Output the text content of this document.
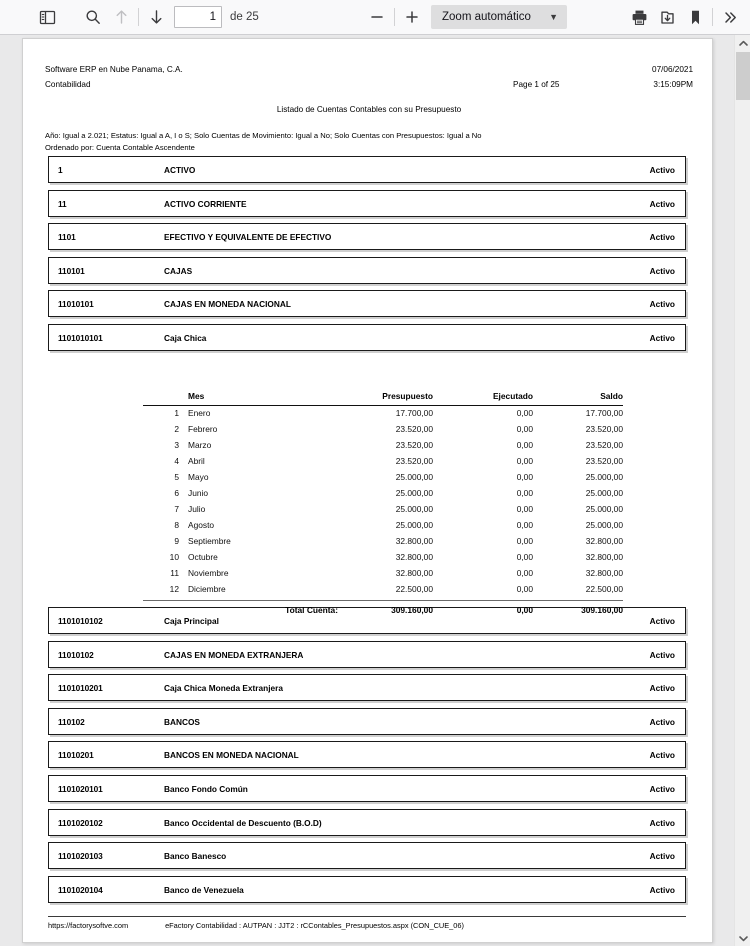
1
de 25	Zoom automático ▼
Software ERP en Nube Panama, C.A.	07/06/2021
Contabilidad	Page 1 of 25	3:15:09PM
Listado de Cuentas Contables con su Presupuesto
Año: Igual a 2.021; Estatus: Igual a A, I o S; Solo Cuentas de Movimiento: Igual a No; Solo Cuentas con Presupuestos: Igual a No
Ordenado por: Cuenta Contable Ascendente
1	ACTIVO	Activo
11	ACTIVO CORRIENTE	Activo
1101	EFECTIVO Y EQUIVALENTE DE EFECTIVO	Activo
110101	CAJAS	Activo
11010101	CAJAS EN MONEDA NACIONAL	Activo
1101010101	Caja Chica	Activo
1101010102	Caja Principal	Activo
11010102	CAJAS EN MONEDA EXTRANJERA	Activo
1101010201	Caja Chica Moneda Extranjera	Activo
110102	BANCOS	Activo
11010201	BANCOS EN MONEDA NACIONAL	Activo
1101020101	Banco Fondo Común	Activo
1101020102	Banco Occidental de Descuento (B.O.D)	Activo
1101020103	Banco Banesco	Activo
1101020104	Banco de Venezuela	Activo
Mes	Presupuesto	Ejecutado	Saldo
1 Enero	17.700,00	0,00	17.700,00
2 Febrero	23.520,00	0,00	23.520,00
3 Marzo	23.520,00	0,00	23.520,00
4 Abril	23.520,00	0,00	23.520,00
5 Mayo	25.000,00	0,00	25.000,00
6 Junio	25.000,00	0,00	25.000,00
7 Julio	25.000,00	0,00	25.000,00
8 Agosto	25.000,00	0,00	25.000,00
9 Septiembre	32.800,00	0,00	32.800,00
10 Octubre	32.800,00	0,00	32.800,00
11 Noviembre	32.800,00	0,00	32.800,00
12 Diciembre	22.500,00	0,00	22.500,00
Total Cuenta:	309.160,00	0,00	309.160,00
https://factorysoftve.com	eFactory Contabilidad : AUTPAN : JJT2 : rCContables_Presupuestos.aspx (CON_CUE_06)
